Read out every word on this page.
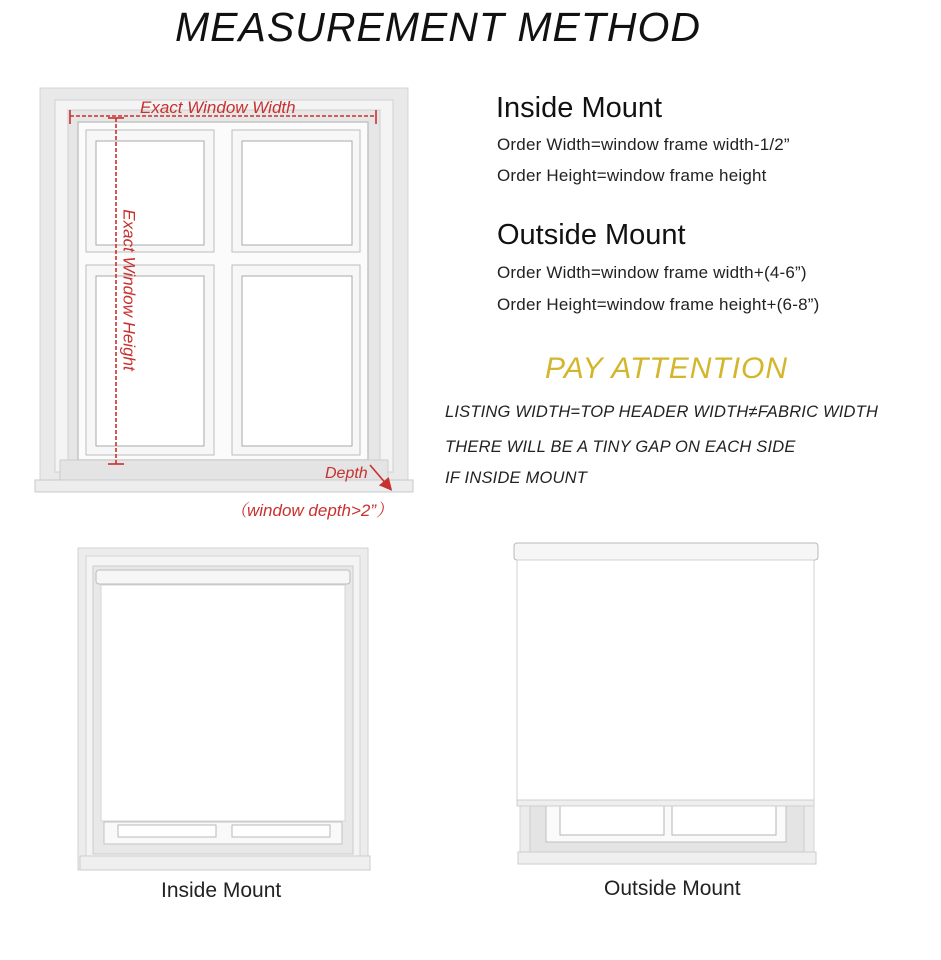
MEASUREMENT METHOD
Exact Window Width
Exact Window Height
Depth
（window depth>2”）
Inside Mount
Order Width=window frame width-1/2”
Order Height=window frame height
Outside Mount
Order Width=window frame width+(4-6”)
Order Height=window frame height+(6-8”)
PAY ATTENTION
LISTING WIDTH=TOP HEADER WIDTH≠FABRIC WIDTH
THERE WILL BE A TINY GAP ON EACH SIDE
IF INSIDE MOUNT
Inside Mount	Outside Mount
